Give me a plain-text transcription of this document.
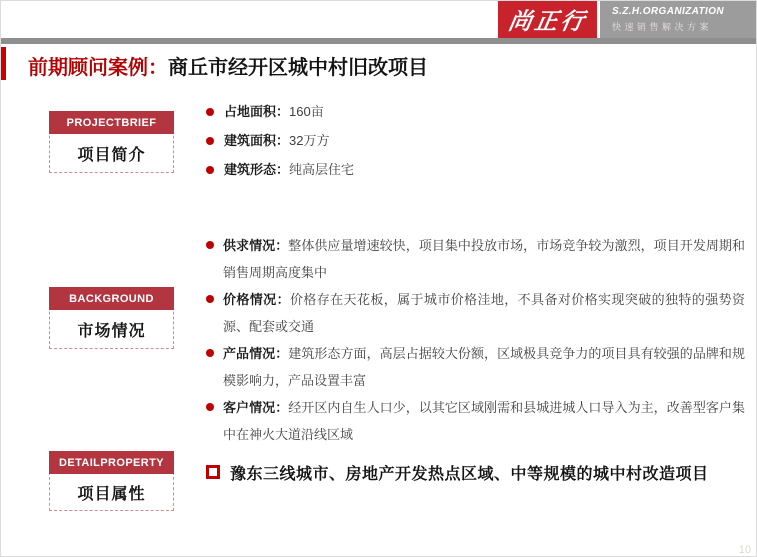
尚正行 S.Z.H.ORGANIZATION
快速销售解决方案
前期顾问案例：商丘市经开区城中村旧改项目
PROJECTBRIEF
项目简介
占地面积：160亩
建筑面积：32万方
建筑形态：纯高层住宅
BACKGROUND
市场情况
供求情况：整体供应量增速较快，项目集中投放市场，市场竞争较为激烈，项目开发周期和销售周期高度集中
价格情况：价格存在天花板，属于城市价格洼地，不具备对价格实现突破的独特的强势资源、配套或交通
产品情况：建筑形态方面，高层占据较大份额，区域极具竞争力的项目具有较强的品牌和规模影响力，产品设置丰富
客户情况：经开区内自生人口少，以其它区域刚需和县城进城人口导入为主，改善型客户集中在神火大道沿线区域
DETAILPROPERTY
项目属性
豫东三线城市、房地产开发热点区域、中等规模的城中村改造项目
10
